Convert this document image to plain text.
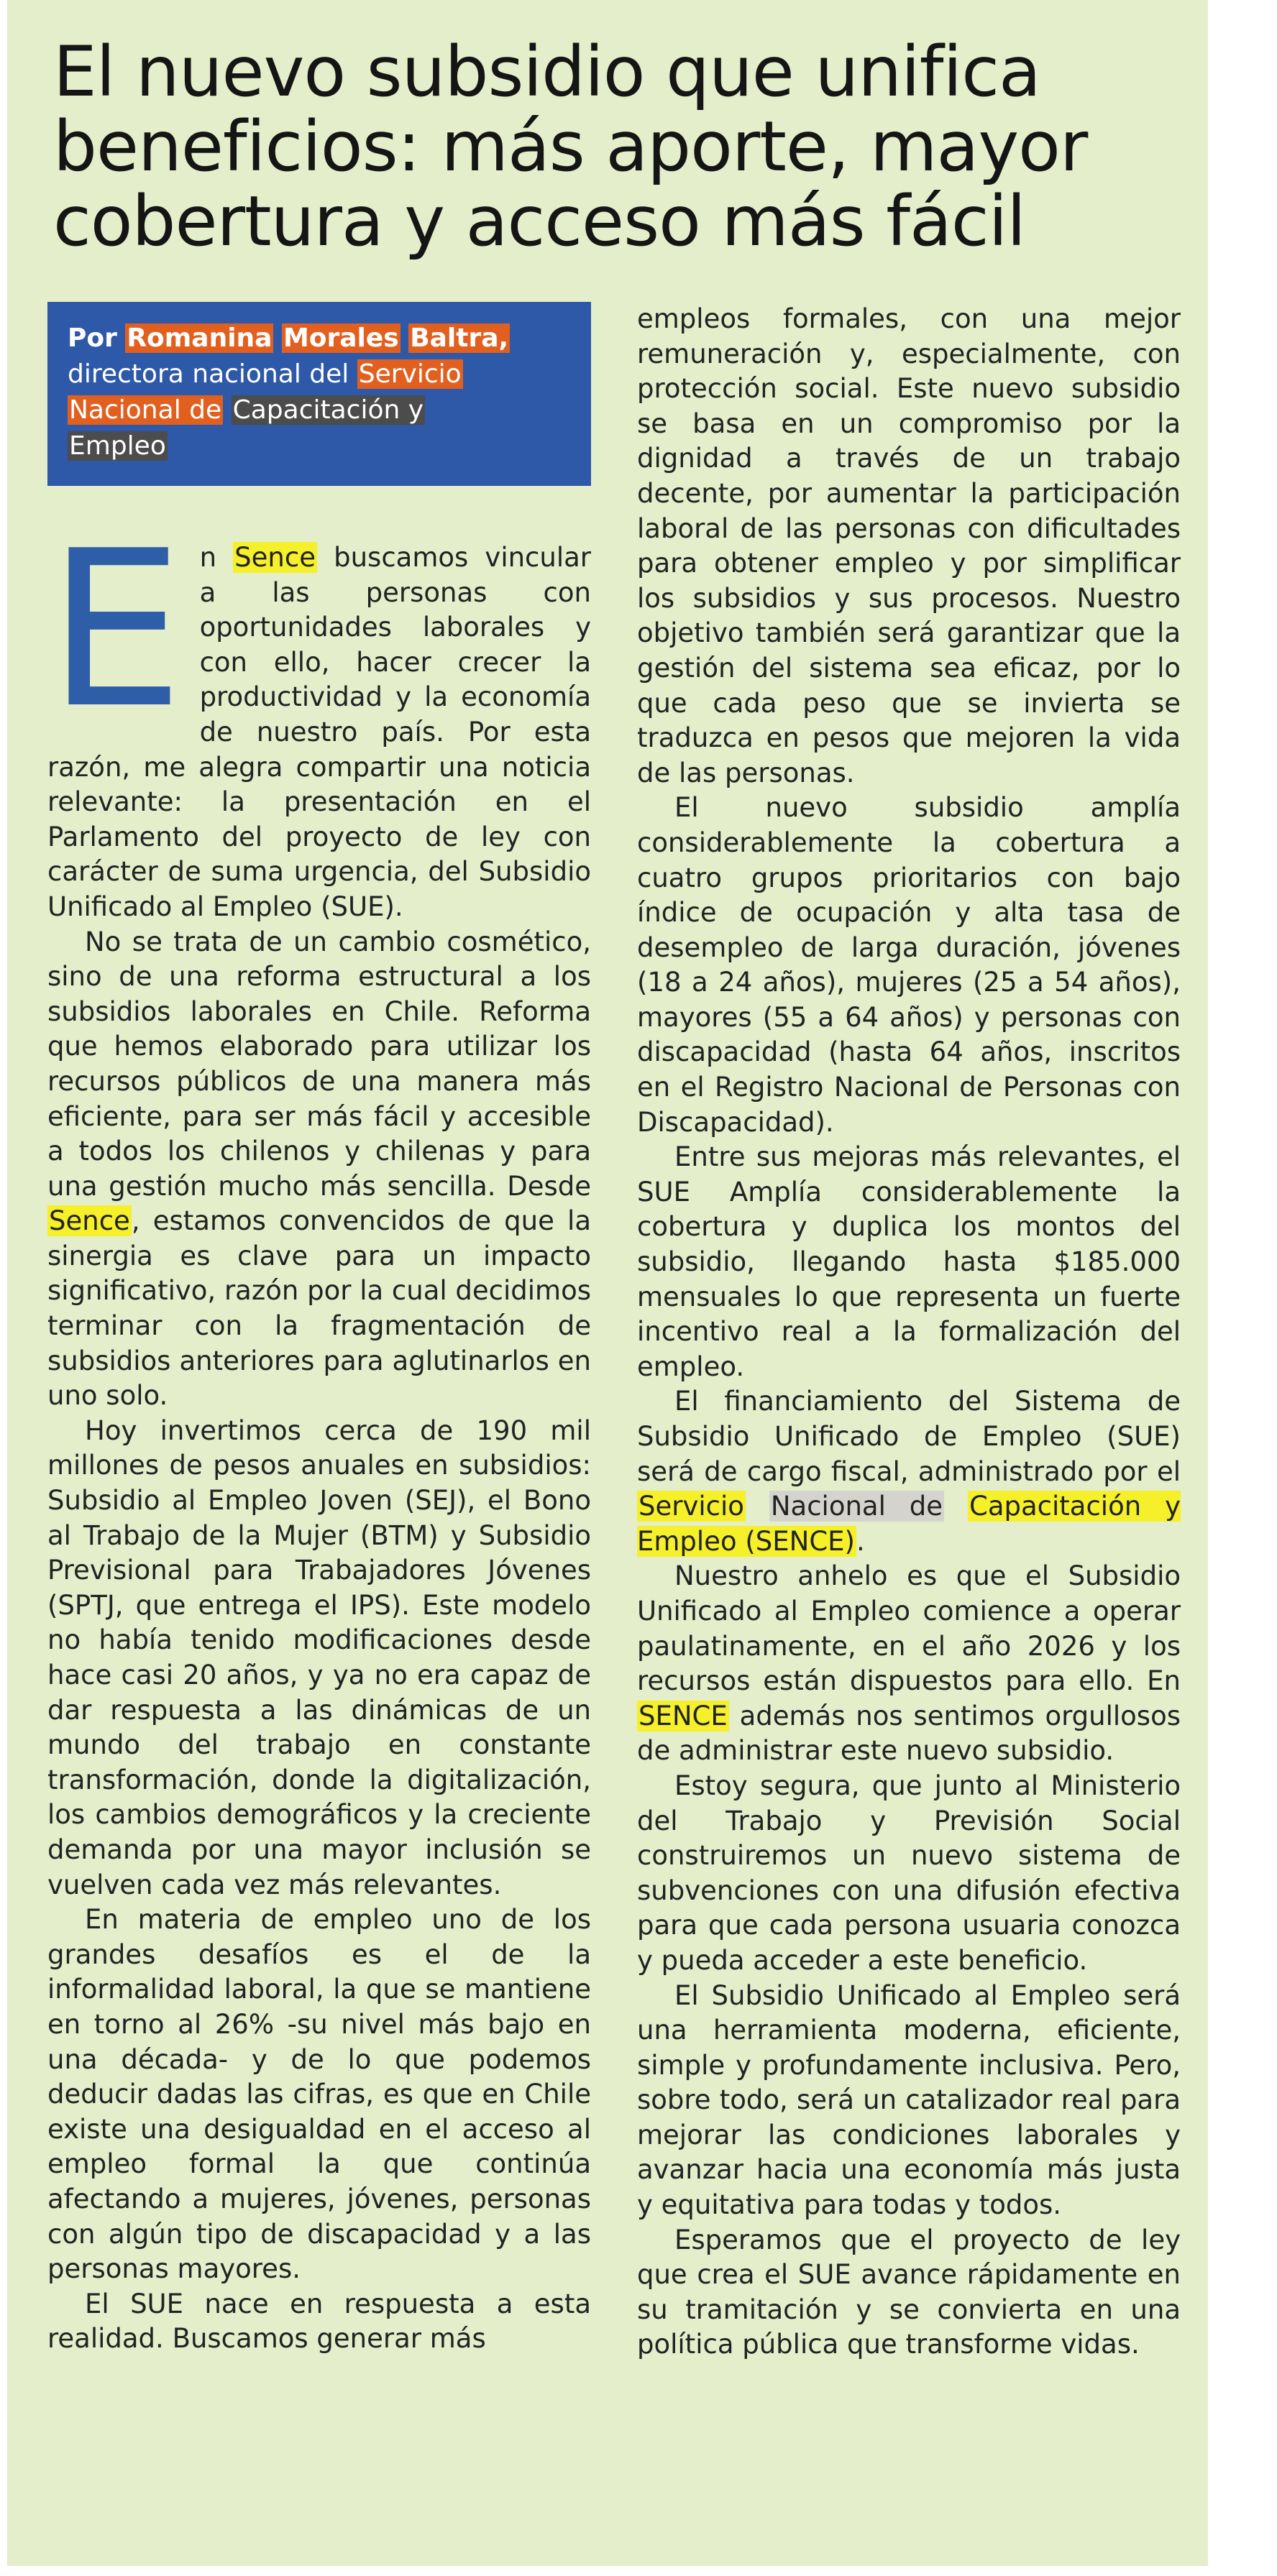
El nuevo subsidio que unifica beneficios: más aporte, mayor cobertura y acceso más fácil
Por Romanina Morales Baltra,
directora nacional del Servicio
Nacional de Capacitación y
Empleo
E n Sence buscamos vincular a las personas con oportunidades laborales y con ello, hacer crecer la productividad y la economía de nuestro país. Por esta razón, me alegra compartir una noticia relevante: la presentación en el Parlamento del proyecto de ley con carácter de suma urgencia, del Subsidio Unificado al Empleo (SUE).

No se trata de un cambio cosmético, sino de una reforma estructural a los subsidios laborales en Chile. Reforma que hemos elaborado para utilizar los recursos públicos de una manera más eficiente, para ser más fácil y accesible a todos los chilenos y chilenas y para una gestión mucho más sencilla. Desde Sence, estamos convencidos de que la sinergia es clave para un impacto significativo, razón por la cual decidimos terminar con la fragmentación de subsidios anteriores para aglutinarlos en uno solo.

Hoy invertimos cerca de 190 mil millones de pesos anuales en subsidios: Subsidio al Empleo Joven (SEJ), el Bono al Trabajo de la Mujer (BTM) y Subsidio Previsional para Trabajadores Jóvenes (SPTJ, que entrega el IPS). Este modelo no había tenido modificaciones desde hace casi 20 años, y ya no era capaz de dar respuesta a las dinámicas de un mundo del trabajo en constante transformación, donde la digitalización, los cambios demográficos y la creciente demanda por una mayor inclusión se vuelven cada vez más relevantes.

En materia de empleo uno de los grandes desafíos es el de la informalidad laboral, la que se mantiene en torno al 26% -su nivel más bajo en una década- y de lo que podemos deducir dadas las cifras, es que en Chile existe una desigualdad en el acceso al empleo formal la que continúa afectando a mujeres, jóvenes, personas con algún tipo de discapacidad y a las personas mayores.

El SUE nace en respuesta a esta realidad. Buscamos generar más

empleos formales, con una mejor remuneración y, especialmente, con protección social. Este nuevo subsidio se basa en un compromiso por la dignidad a través de un trabajo decente, por aumentar la participación laboral de las personas con dificultades para obtener empleo y por simplificar los subsidios y sus procesos. Nuestro objetivo también será garantizar que la gestión del sistema sea eficaz, por lo que cada peso que se invierta se traduzca en pesos que mejoren la vida de las personas.

El nuevo subsidio amplía considerablemente la cobertura a cuatro grupos prioritarios con bajo índice de ocupación y alta tasa de desempleo de larga duración, jóvenes (18 a 24 años), mujeres (25 a 54 años), mayores (55 a 64 años) y personas con discapacidad (hasta 64 años, inscritos en el Registro Nacional de Personas con Discapacidad).

Entre sus mejoras más relevantes, el SUE Amplía considerablemente la cobertura y duplica los montos del subsidio, llegando hasta $185.000 mensuales lo que representa un fuerte incentivo real a la formalización del empleo.

El financiamiento del Sistema de Subsidio Unificado de Empleo (SUE) será de cargo fiscal, administrado por el Servicio Nacional de Capacitación y Empleo (SENCE).

Nuestro anhelo es que el Subsidio Unificado al Empleo comience a operar paulatinamente, en el año 2026 y los recursos están dispuestos para ello. En SENCE además nos sentimos orgullosos de administrar este nuevo subsidio.

Estoy segura, que junto al Ministerio del Trabajo y Previsión Social construiremos un nuevo sistema de subvenciones con una difusión efectiva para que cada persona usuaria conozca y pueda acceder a este beneficio.

El Subsidio Unificado al Empleo será una herramienta moderna, eficiente, simple y profundamente inclusiva. Pero, sobre todo, será un catalizador real para mejorar las condiciones laborales y avanzar hacia una economía más justa y equitativa para todas y todos.

Esperamos que el proyecto de ley que crea el SUE avance rápidamente en su tramitación y se convierta en una política pública que transforme vidas.
